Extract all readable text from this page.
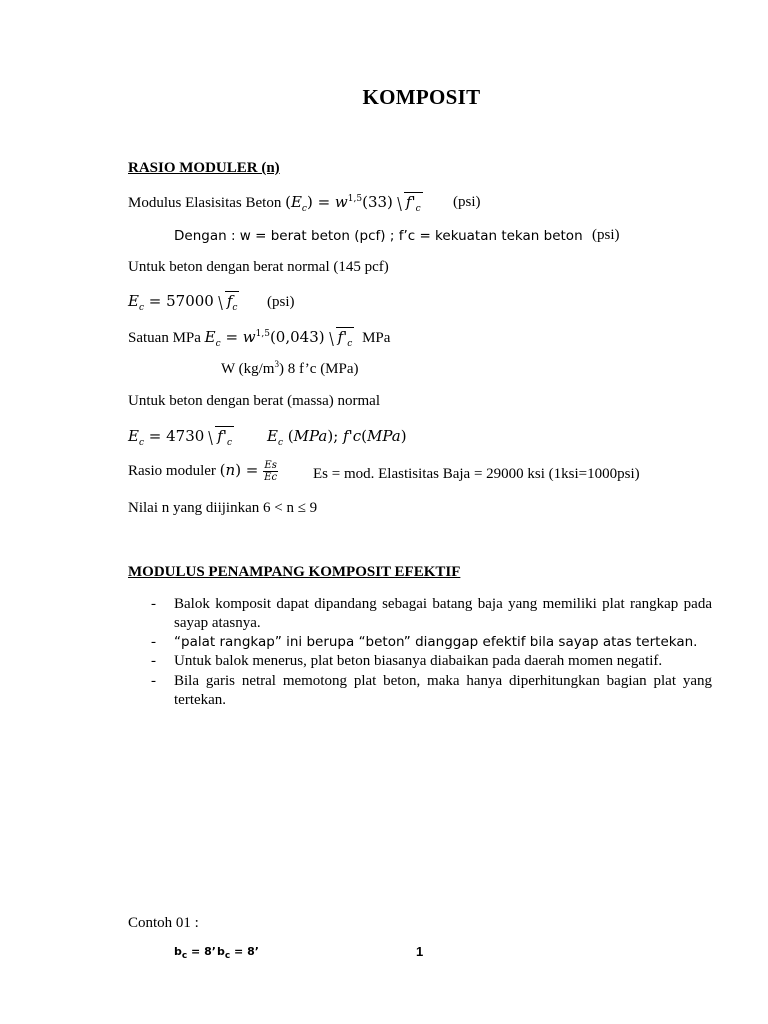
KOMPOSIT
RASIO MODULER (n)
Modulus Elasisitas Beton $(E_c) = w^{1,5}(33)$ $f'_c$ (psi)
Dengan : w = berat beton (pcf) ; f’c = kekuatan tekan beton (psi)
Untuk beton dengan berat normal (145 pcf)
$E_c = 57000$ $f_c$ (psi)
Satuan MPa $E_c = w^{1,5}(0,043)$ $f'_c$ MPa
W $(kg/m^3)$ 8 f’c (MPa)
Untuk beton dengan berat (massa) normal
$E_c = 4730$ $f'_c$ $E_c$ (MPa); f'c(MPa)
Rasio moduler $(n) = \frac{Es}{Ec}$ Es = mod. Elastisitas Baja = 29000 ksi (1ksi=1000psi)
Nilai n yang diijinkan 6 < n ≤ 9
MODULUS PENAMPANG KOMPOSIT EFEKTIF
- Balok komposit dapat dipandang sebagai batang baja yang memiliki plat rangkap pada sayap atasnya.
- “palat rangkap” ini berupa “beton” dianggap efektif bila sayap atas tertekan.
- Untuk balok menerus, plat beton biasanya diabaikan pada daerah momen negatif.
- Bila garis netral memotong plat beton, maka hanya diperhitungkan bagian plat yang tertekan.
Contoh 01 :
$b_c = 8$’ $b_c = 8$’	1
